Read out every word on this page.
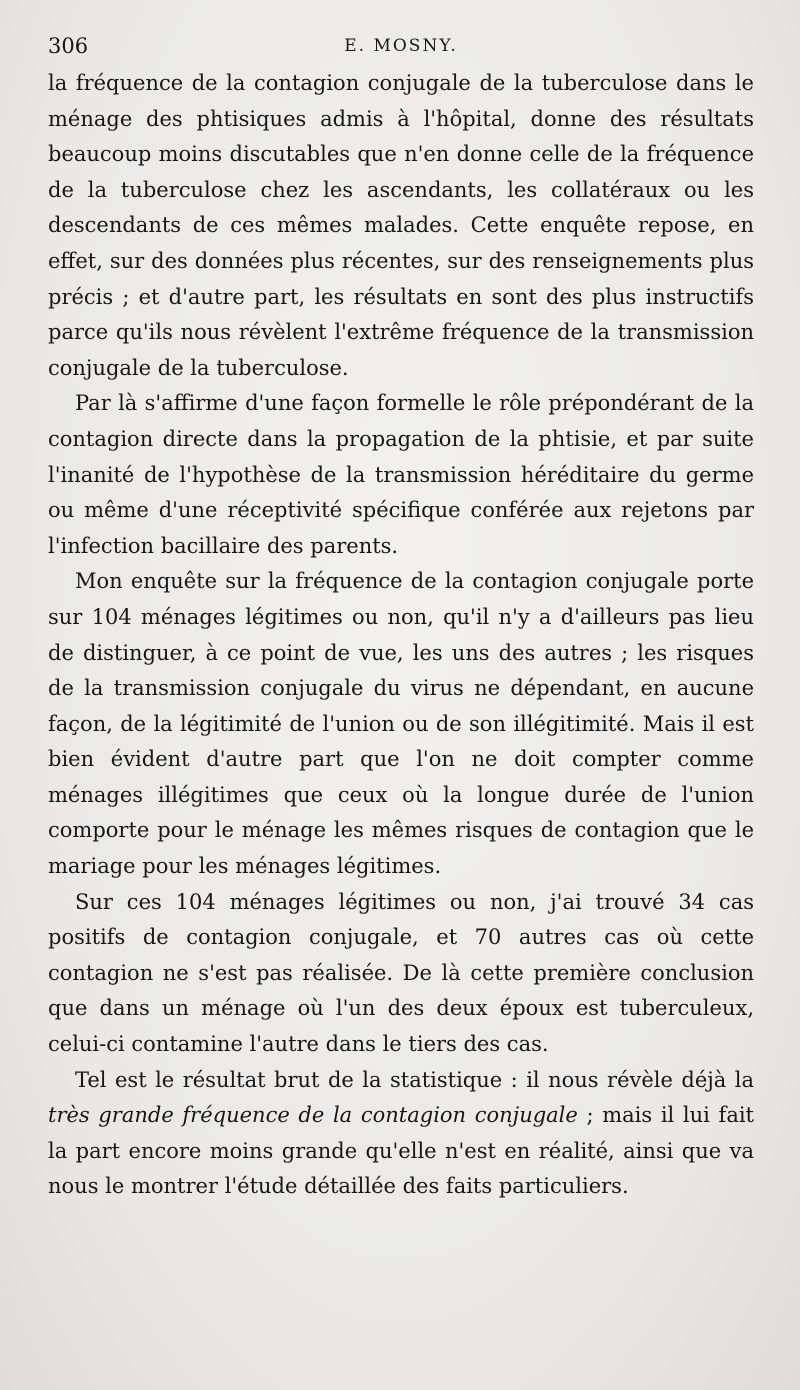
306	E. MOSNY.

la fréquence de la contagion conjugale de la tuberculose dans le ménage des phtisiques admis à l'hôpital, donne des résultats beaucoup moins discutables que n'en donne celle de la fréquence de la tuberculose chez les ascendants, les collatéraux ou les descendants de ces mêmes malades. Cette enquête repose, en effet, sur des données plus récentes, sur des renseignements plus précis ; et d'autre part, les résultats en sont des plus instructifs parce qu'ils nous révèlent l'extrême fréquence de la transmission conjugale de la tuberculose.

Par là s'affirme d'une façon formelle le rôle prépondérant de la contagion directe dans la propagation de la phtisie, et par suite l'inanité de l'hypothèse de la transmission héréditaire du germe ou même d'une réceptivité spécifique conférée aux rejetons par l'infection bacillaire des parents.

Mon enquête sur la fréquence de la contagion conjugale porte sur 104 ménages légitimes ou non, qu'il n'y a d'ailleurs pas lieu de distinguer, à ce point de vue, les uns des autres ; les risques de la transmission conjugale du virus ne dépendant, en aucune façon, de la légitimité de l'union ou de son illégitimité. Mais il est bien évident d'autre part que l'on ne doit compter comme ménages illégitimes que ceux où la longue durée de l'union comporte pour le ménage les mêmes risques de contagion que le mariage pour les ménages légitimes.

Sur ces 104 ménages légitimes ou non, j'ai trouvé 34 cas positifs de contagion conjugale, et 70 autres cas où cette contagion ne s'est pas réalisée. De là cette première conclusion que dans un ménage où l'un des deux époux est tuberculeux, celui-ci contamine l'autre dans le tiers des cas.

Tel est le résultat brut de la statistique : il nous révèle déjà la très grande fréquence de la contagion conjugale ; mais il lui fait la part encore moins grande qu'elle n'est en réalité, ainsi que va nous le montrer l'étude détaillée des faits particuliers.
